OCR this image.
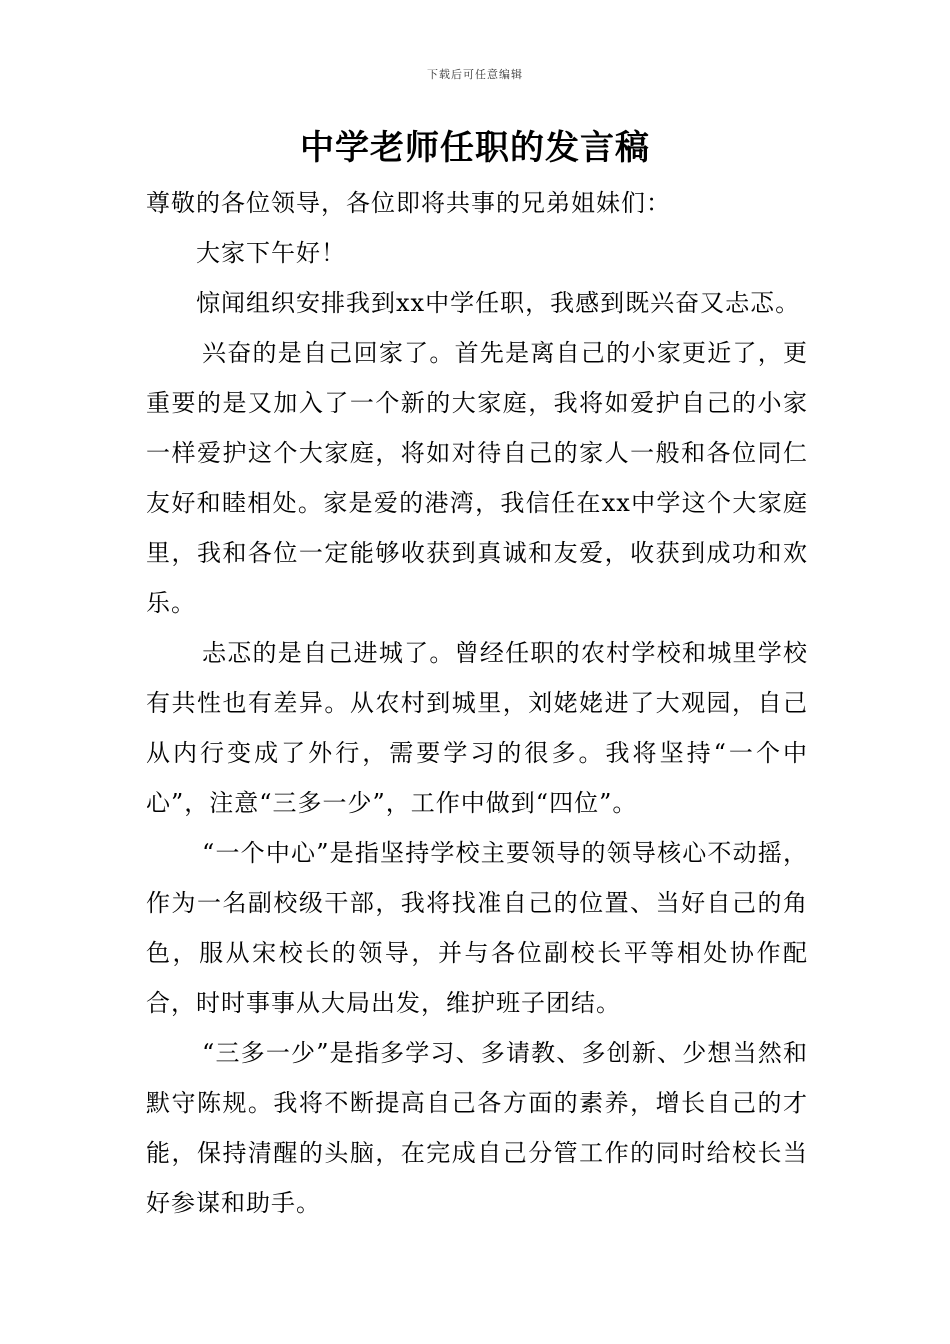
下载后可任意编辑
中学老师任职的发言稿

尊敬的各位领导，各位即将共事的兄弟姐妹们：

大家下午好！

惊闻组织安排我到xx中学任职，我感到既兴奋又忐忑。

兴奋的是自己回家了。首先是离自己的小家更近了，更重要的是又加入了一个新的大家庭，我将如爱护自己的小家一样爱护这个大家庭，将如对待自己的家人一般和各位同仁友好和睦相处。家是爱的港湾，我信任在xx中学这个大家庭里，我和各位一定能够收获到真诚和友爱，收获到成功和欢乐。

忐忑的是自己进城了。曾经任职的农村学校和城里学校有共性也有差异。从农村到城里，刘姥姥进了大观园，自己从内行变成了外行，需要学习的很多。我将坚持“一个中心”，注意“三多一少”，工作中做到“四位”。

“一个中心”是指坚持学校主要领导的领导核心不动摇，作为一名副校级干部，我将找准自己的位置、当好自己的角色，服从宋校长的领导，并与各位副校长平等相处协作配合，时时事事从大局出发，维护班子团结。

“三多一少”是指多学习、多请教、多创新、少想当然和默守陈规。我将不断提高自己各方面的素养，增长自己的才能，保持清醒的头脑，在完成自己分管工作的同时给校长当好参谋和助手。
